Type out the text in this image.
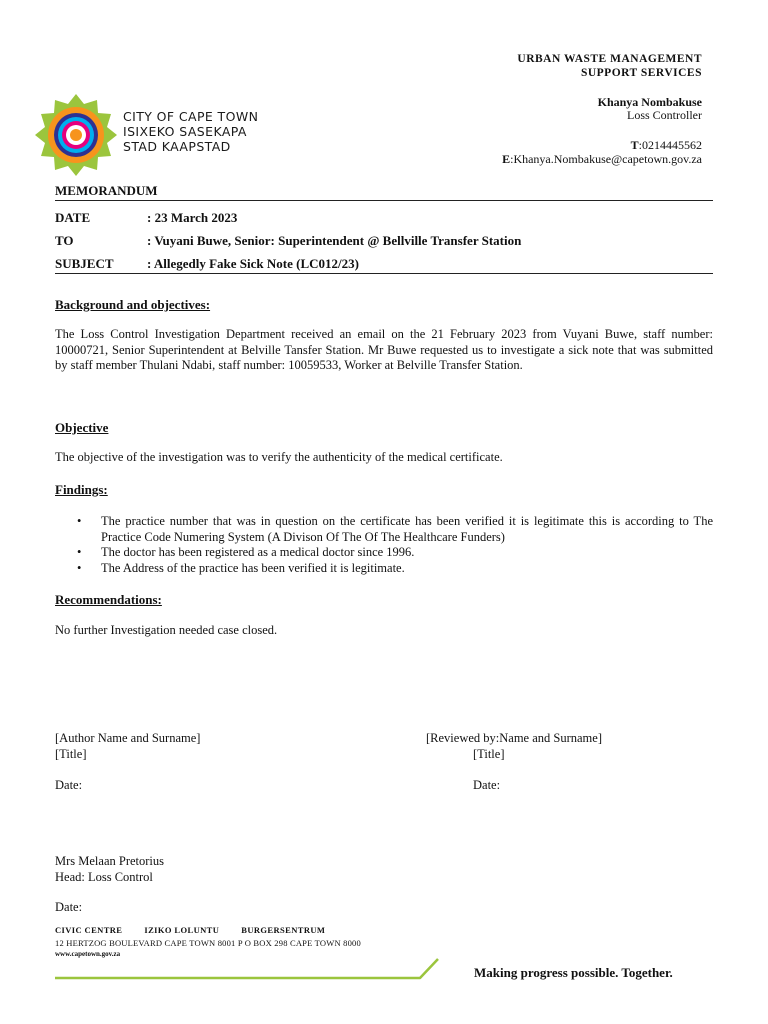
URBAN WASTE MANAGEMENT
SUPPORT SERVICES
Khanya Nombakuse
Loss Controller
T:0214445562
E:Khanya.Nombakuse@capetown.gov.za
CITY OF CAPE TOWN
ISIXEKO SASEKAPA
STAD KAAPSTAD
MEMORANDUM
DATE	: 23 March 2023
TO	: Vuyani Buwe, Senior: Superintendent @ Bellville Transfer Station
SUBJECT	: Allegedly Fake Sick Note (LC012/23)
Background and objectives:
The Loss Control Investigation Department received an email on the 21 February 2023 from Vuyani Buwe, staff number: 10000721, Senior Superintendent at Belville Tansfer Station. Mr Buwe requested us to investigate a sick note that was submitted by staff member Thulani Ndabi, staff number: 10059533, Worker at Belville Transfer Station.
Objective
The objective of the investigation was to verify the authenticity of the medical certificate.
Findings:
• The practice number that was in question on the certificate has been verified it is legitimate this is according to The Practice Code Numering System (A Divison Of The Of The Healthcare Funders)
• The doctor has been registered as a medical doctor since 1996.
• The Address of the practice has been verified it is legitimate.
Recommendations:
No further Investigation needed case closed.
[Author Name and Surname]
[Title]
Date:
[Reviewed by:Name and Surname]
[Title]
Date:
Mrs Melaan Pretorius
Head: Loss Control
Date:
CIVIC CENTRE	IZIKO LOLUNTU	BURGERSENTRUM
12 HERTZOG BOULEVARD CAPE TOWN 8001 P O BOX 298 CAPE TOWN 8000
www.capetown.gov.za
Making progress possible. Together.
